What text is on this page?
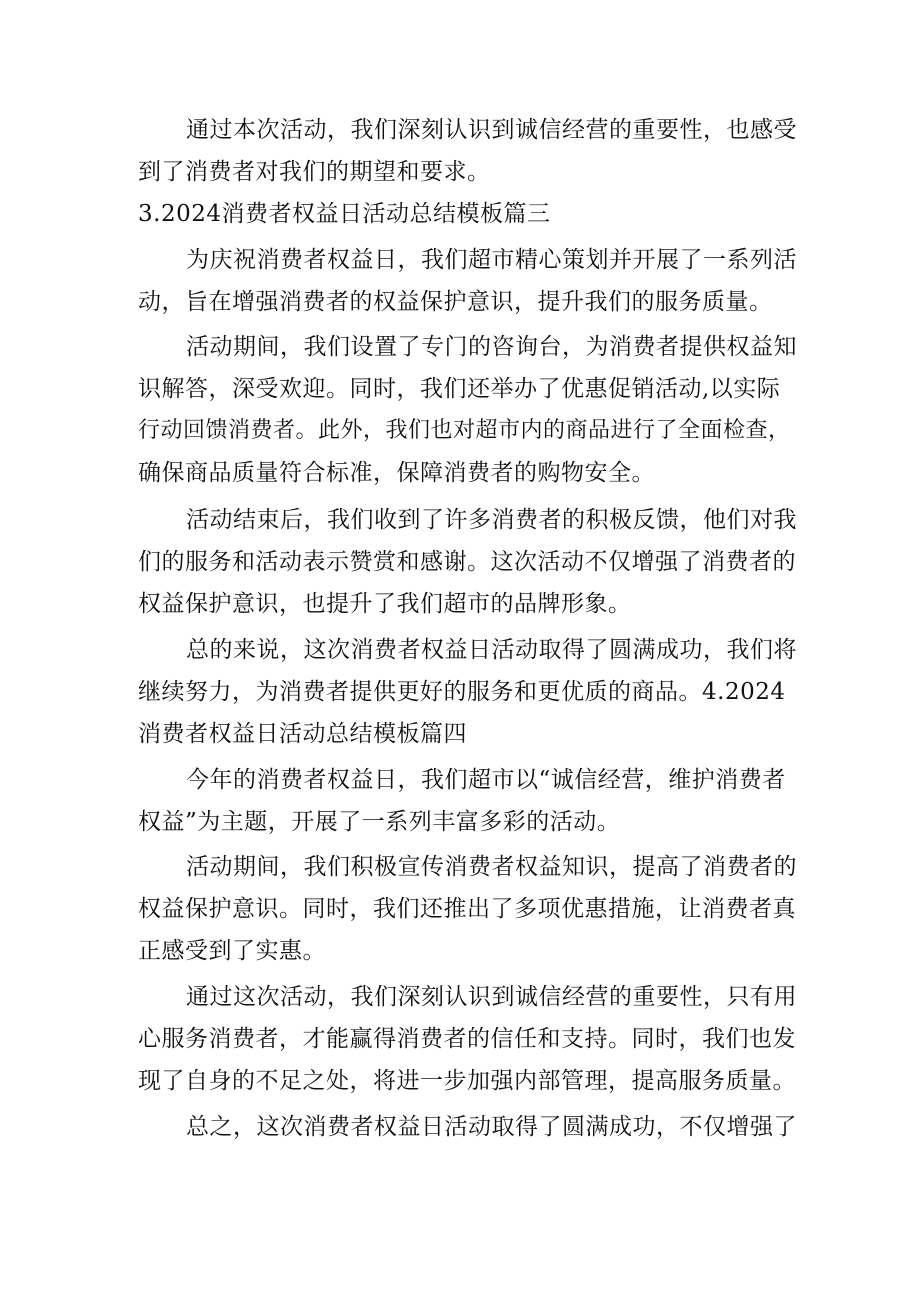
通过本次活动，我们深刻认识到诚信经营的重要性，也感受
到了消费者对我们的期望和要求。
3.2024消费者权益日活动总结模板篇三
为庆祝消费者权益日，我们超市精心策划并开展了一系列活
动，旨在增强消费者的权益保护意识，提升我们的服务质量。
活动期间，我们设置了专门的咨询台，为消费者提供权益知
识解答，深受欢迎。同时，我们还举办了优惠促销活动,以实际
行动回馈消费者。此外，我们也对超市内的商品进行了全面检查，
确保商品质量符合标准，保障消费者的购物安全。
活动结束后，我们收到了许多消费者的积极反馈，他们对我
们的服务和活动表示赞赏和感谢。这次活动不仅增强了消费者的
权益保护意识，也提升了我们超市的品牌形象。
总的来说，这次消费者权益日活动取得了圆满成功，我们将
继续努力，为消费者提供更好的服务和更优质的商品。4.2024
消费者权益日活动总结模板篇四
今年的消费者权益日，我们超市以“诚信经营，维护消费者
权益”为主题，开展了一系列丰富多彩的活动。
活动期间，我们积极宣传消费者权益知识，提高了消费者的
权益保护意识。同时，我们还推出了多项优惠措施，让消费者真
正感受到了实惠。
通过这次活动，我们深刻认识到诚信经营的重要性，只有用
心服务消费者，才能赢得消费者的信任和支持。同时，我们也发
现了自身的不足之处，将进一步加强内部管理，提高服务质量。
总之，这次消费者权益日活动取得了圆满成功，不仅增强了
